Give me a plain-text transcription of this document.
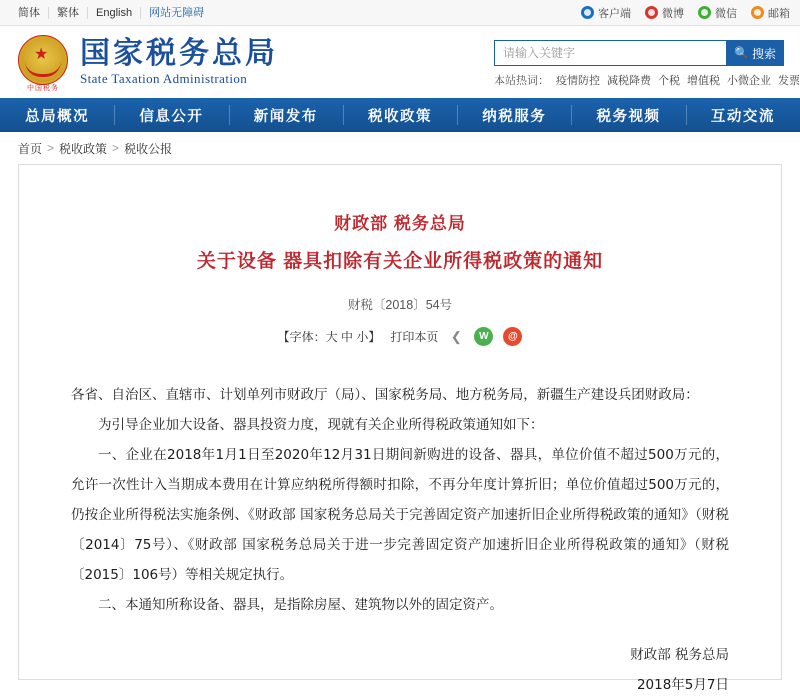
简体	繁体	English	网站无障碍	客户端	微博	微信	邮箱
★
中国税务
国家税务总局
State Taxation Administration
请输入关键字
🔍 搜索
本站热词： 疫情防控 减税降费 个税 增值税 小微企业 发票
总局概况	信息公开	新闻发布	税收政策	纳税服务	税务视频	互动交流
首页 > 税收政策 > 税收公报
财政部 税务总局
关于设备 器具扣除有关企业所得税政策的通知
财税〔2018〕54号
【字体：大 中 小】 打印本页 ❮	W	@

各省、自治区、直辖市、计划单列市财政厅（局）、国家税务局、地方税务局，新疆生产建设兵团财政局：

为引导企业加大设备、器具投资力度，现就有关企业所得税政策通知如下：

一、企业在2018年1月1日至2020年12月31日期间新购进的设备、器具，单位价值不超过500万元的，允许一次性计入当期成本费用在计算应纳税所得额时扣除，不再分年度计算折旧；单位价值超过500万元的，仍按企业所得税法实施条例、《财政部 国家税务总局关于完善固定资产加速折旧企业所得税政策的通知》（财税〔2014〕75号）、《财政部 国家税务总局关于进一步完善固定资产加速折旧企业所得税政策的通知》（财税〔2015〕106号）等相关规定执行。

二、本通知所称设备、器具，是指除房屋、建筑物以外的固定资产。

财政部 税务总局
2018年5月7日
